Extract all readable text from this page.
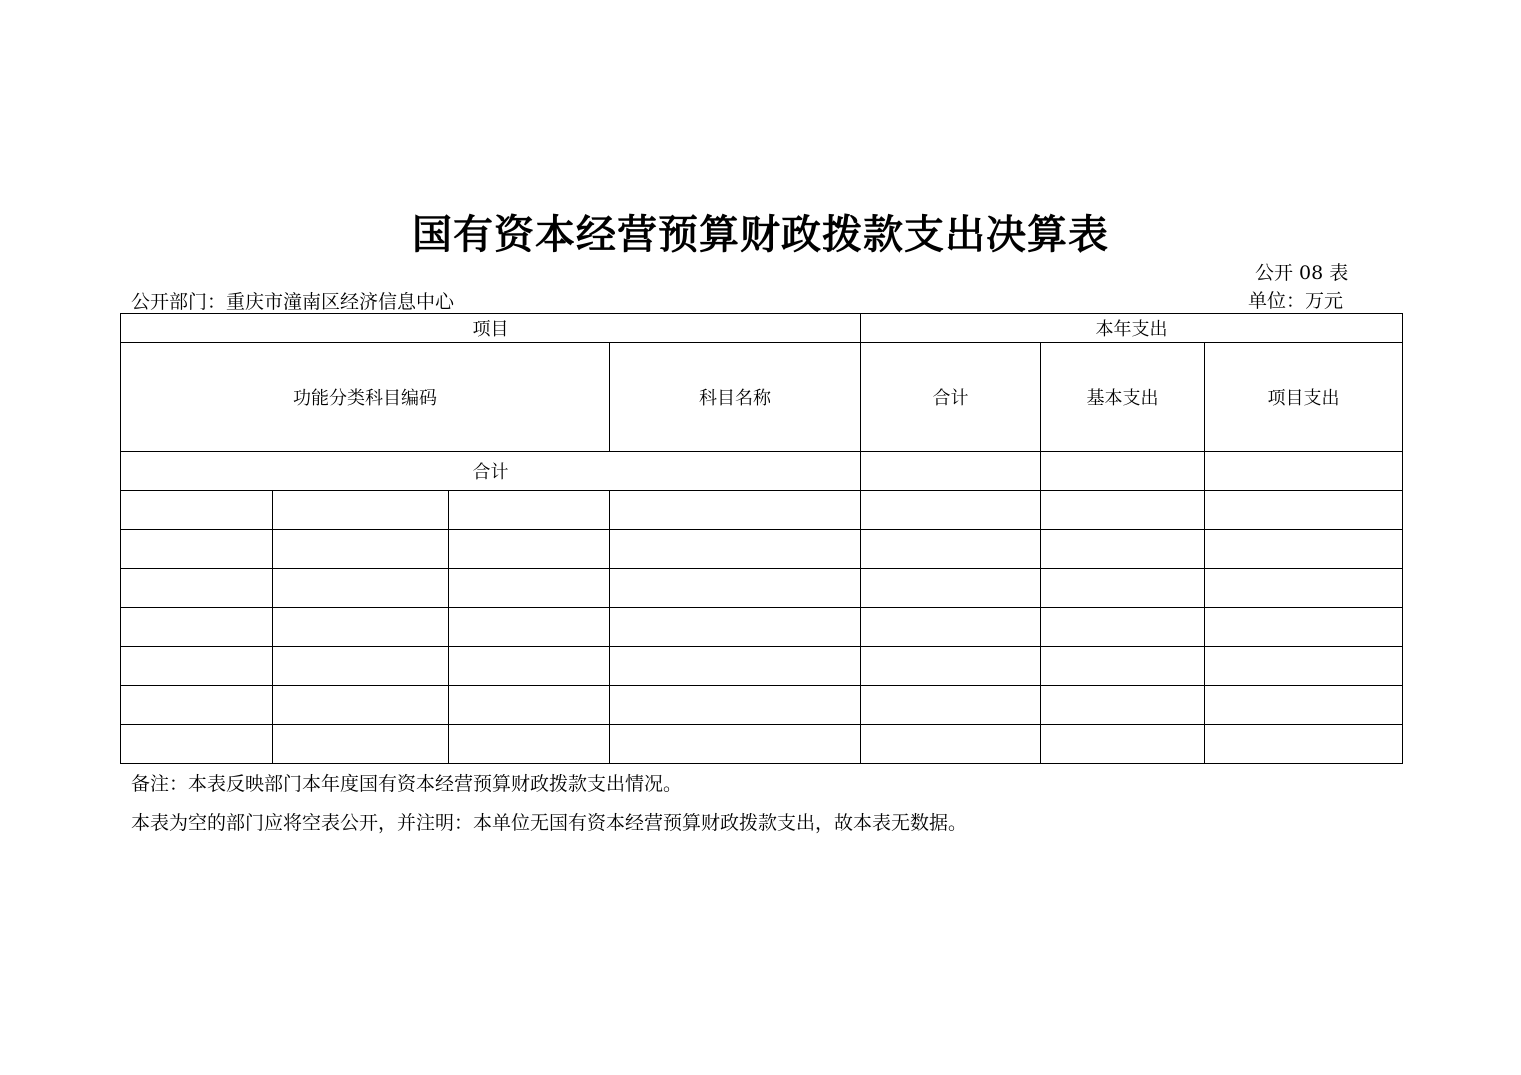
国有资本经营预算财政拨款支出决算表
公开 08 表
单位：万元
公开部门：重庆市潼南区经济信息中心
项目				本年支出		
功能分类科目编码			科目名称	合计	基本支出	项目支出
合计						

备注：本表反映部门本年度国有资本经营预算财政拨款支出情况。
本表为空的部门应将空表公开，并注明：本单位无国有资本经营预算财政拨款支出，故本表无数据。
